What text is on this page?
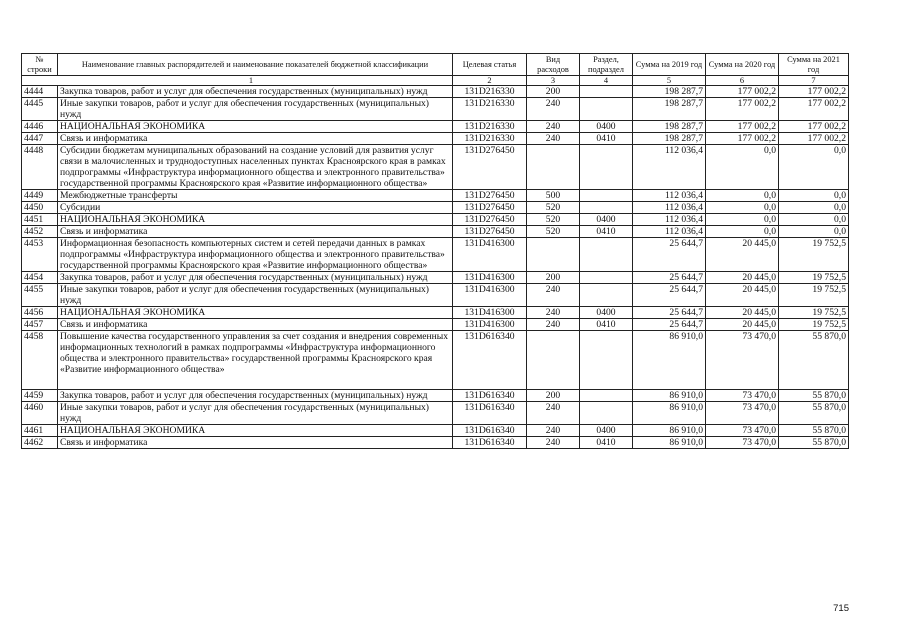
№ строки	Наименование главных распорядителей и наименование показателей бюджетной классификации	Целевая статья	Вид расходов	Раздел, подраздел	Сумма на 2019 год	Сумма на 2020 год	Сумма на 2021 год
1		2	3	4	5	6	7
4444	Закупка товаров, работ и услуг для обеспечения государственных (муниципальных) нужд	131D216330	200		198 287,7	177 002,2	177 002,2
4445	Иные закупки товаров, работ и услуг для обеспечения государственных (муниципальных) нужд	131D216330	240		198 287,7	177 002,2	177 002,2
4446	НАЦИОНАЛЬНАЯ ЭКОНОМИКА	131D216330	240	0400	198 287,7	177 002,2	177 002,2
4447	Связь и информатика	131D216330	240	0410	198 287,7	177 002,2	177 002,2
4448	Субсидии бюджетам муниципальных образований на создание условий для развития услуг связи в малочисленных и труднодоступных населенных пунктах Красноярского края в рамках подпрограммы «Инфраструктура информационного общества и электронного правительства» государственной программы Красноярского края «Развитие информационного общества»	131D276450			112 036,4	0,0	0,0
4449	Межбюджетные трансферты	131D276450	500		112 036,4	0,0	0,0
4450	Субсидии	131D276450	520		112 036,4	0,0	0,0
4451	НАЦИОНАЛЬНАЯ ЭКОНОМИКА	131D276450	520	0400	112 036,4	0,0	0,0
4452	Связь и информатика	131D276450	520	0410	112 036,4	0,0	0,0
4453	Информационная безопасность компьютерных систем и сетей передачи данных в рамках подпрограммы «Инфраструктура информационного общества и электронного правительства» государственной программы Красноярского края «Развитие информационного общества»	131D416300			25 644,7	20 445,0	19 752,5
4454	Закупка товаров, работ и услуг для обеспечения государственных (муниципальных) нужд	131D416300	200		25 644,7	20 445,0	19 752,5
4455	Иные закупки товаров, работ и услуг для обеспечения государственных (муниципальных) нужд	131D416300	240		25 644,7	20 445,0	19 752,5
4456	НАЦИОНАЛЬНАЯ ЭКОНОМИКА	131D416300	240	0400	25 644,7	20 445,0	19 752,5
4457	Связь и информатика	131D416300	240	0410	25 644,7	20 445,0	19 752,5
4458	Повышение качества государственного управления за счет создания и внедрения современных информационных технологий в рамках подпрограммы «Инфраструктура информационного общества и электронного правительства» государственной программы Красноярского края «Развитие информационного общества»	131D616340			86 910,0	73 470,0	55 870,0
4459	Закупка товаров, работ и услуг для обеспечения государственных (муниципальных) нужд	131D616340	200		86 910,0	73 470,0	55 870,0
4460	Иные закупки товаров, работ и услуг для обеспечения государственных (муниципальных) нужд	131D616340	240		86 910,0	73 470,0	55 870,0
4461	НАЦИОНАЛЬНАЯ ЭКОНОМИКА	131D616340	240	0400	86 910,0	73 470,0	55 870,0
4462	Связь и информатика	131D616340	240	0410	86 910,0	73 470,0	55 870,0
715
